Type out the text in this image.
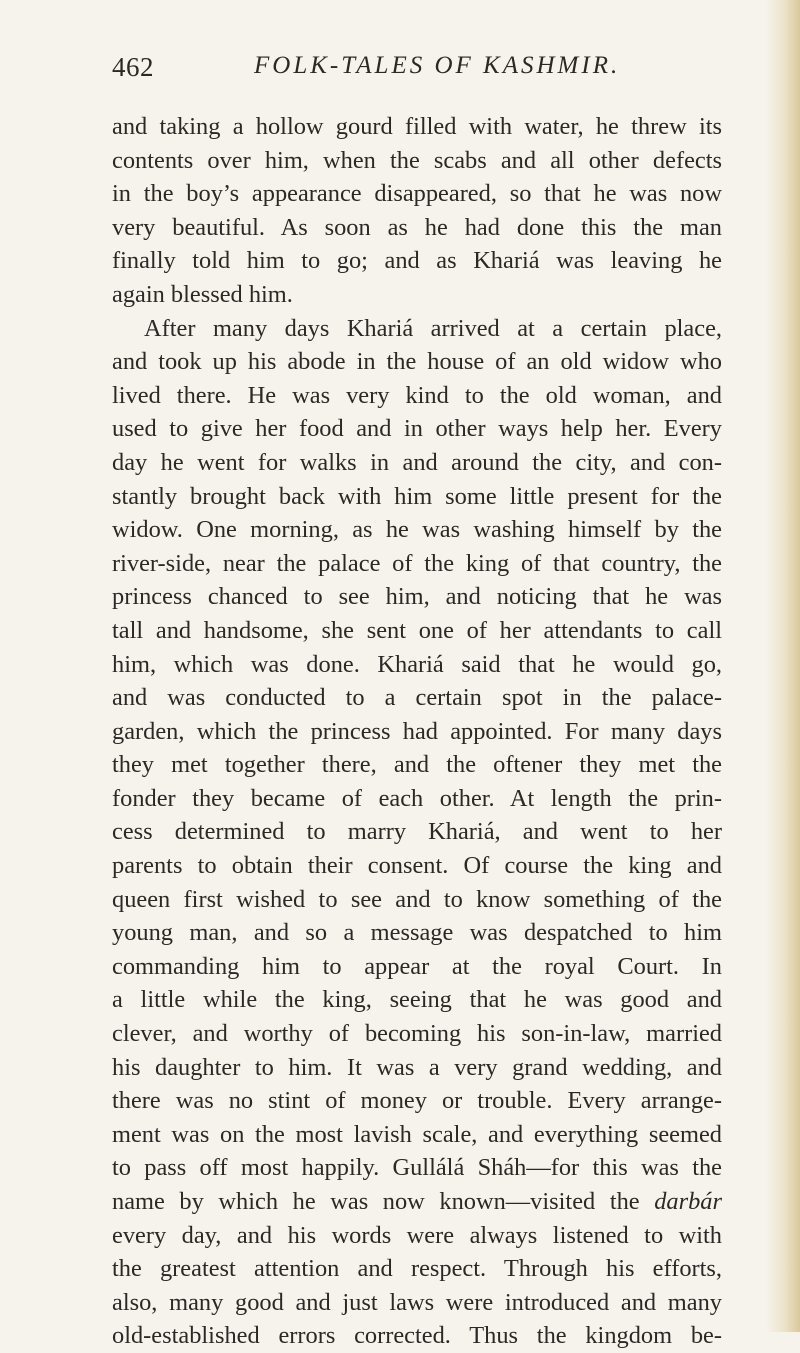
462	FOLK-TALES OF KASHMIR.
and taking a hollow gourd filled with water, he threw its
contents over him, when the scabs and all other defects
in the boy’s appearance disappeared, so that he was now
very beautiful. As soon as he had done this the man
finally told him to go; and as Khariá was leaving he
again blessed him.
After many days Khariá arrived at a certain place,
and took up his abode in the house of an old widow who
lived there. He was very kind to the old woman, and
used to give her food and in other ways help her. Every
day he went for walks in and around the city, and con-
stantly brought back with him some little present for the
widow. One morning, as he was washing himself by the
river-side, near the palace of the king of that country, the
princess chanced to see him, and noticing that he was
tall and handsome, she sent one of her attendants to call
him, which was done. Khariá said that he would go,
and was conducted to a certain spot in the palace-
garden, which the princess had appointed. For many days
they met together there, and the oftener they met the
fonder they became of each other. At length the prin-
cess determined to marry Khariá, and went to her
parents to obtain their consent. Of course the king and
queen first wished to see and to know something of the
young man, and so a message was despatched to him
commanding him to appear at the royal Court. In
a little while the king, seeing that he was good and
clever, and worthy of becoming his son-in-law, married
his daughter to him. It was a very grand wedding, and
there was no stint of money or trouble. Every arrange-
ment was on the most lavish scale, and everything seemed
to pass off most happily. Gullálá Sháh—for this was the
name by which he was now known—visited the darbár
every day, and his words were always listened to with
the greatest attention and respect. Through his efforts,
also, many good and just laws were introduced and many
old-established errors corrected. Thus the kingdom be-
